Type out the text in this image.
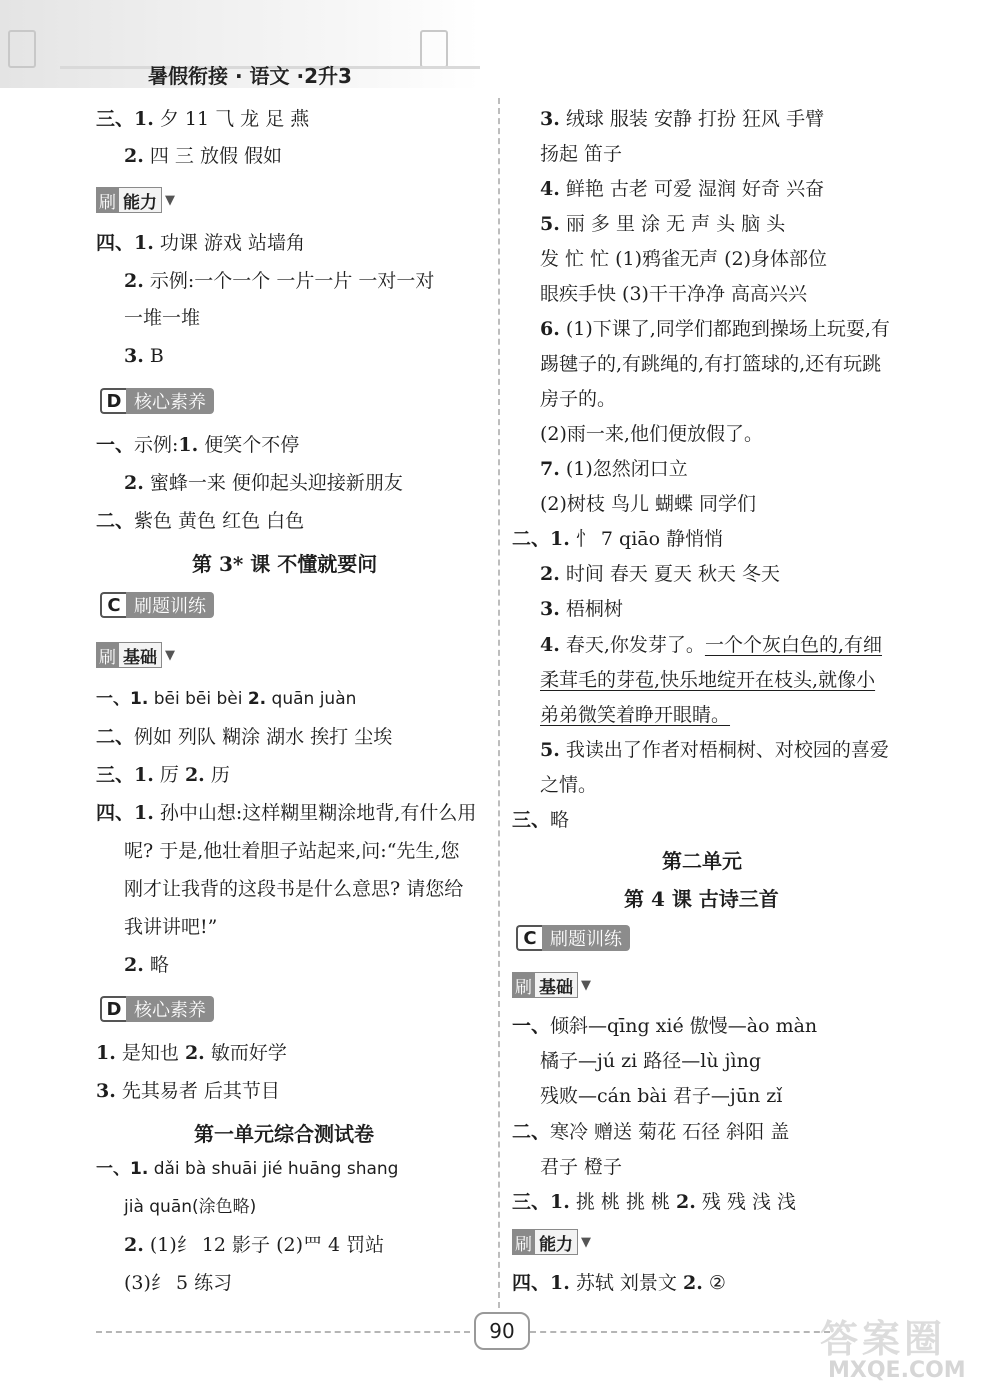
暑假衔接 · 语文 ·2升3
三、1. 夕 11 ⺄ 龙 足 燕
2. 四 三 放假 假如
刷 能力 ▼
四、1. 功课 游戏 站墙角
2. 示例:一个一个 一片一片 一对一对
一堆一堆
3. B
D 核心素养
一、示例:1. 便笑个不停
2. 蜜蜂一来 便仰起头迎接新朋友
二、紫色 黄色 红色 白色
第 3* 课 不懂就要问
C 刷题训练
刷 基础 ▼
一、1. bēi bēi bèi 2. quān juàn
二、例如 列队 糊涂 湖水 挨打 尘埃
三、1. 厉 2. 历
四、1. 孙中山想:这样糊里糊涂地背,有什么用
呢? 于是,他壮着胆子站起来,问:“先生,您
刚才让我背的这段书是什么意思? 请您给
我讲讲吧!”
2. 略
D 核心素养
1. 是知也 2. 敏而好学
3. 先其易者 后其节目
第一单元综合测试卷
一、1. dǎi bà shuāi jié huāng shang
jià quān(涂色略)
2. (1)纟 12 影子 (2)罒 4 罚站
(3)纟 5 练习
3. 绒球 服装 安静 打扮 狂风 手臂
扬起 笛子
4. 鲜艳 古老 可爱 湿润 好奇 兴奋
5. 丽 多 里 涂 无 声 头 脑 头
发 忙 忙 (1)鸦雀无声 (2)身体部位
眼疾手快 (3)干干净净 高高兴兴
6. (1)下课了,同学们都跑到操场上玩耍,有
踢毽子的,有跳绳的,有打篮球的,还有玩跳
房子的。
(2)雨一来,他们便放假了。
7. (1)忽然闭口立
(2)树枝 鸟儿 蝴蝶 同学们
二、1. 忄 7 qiāo 静悄悄
2. 时间 春天 夏天 秋天 冬天
3. 梧桐树
4. 春天,你发芽了。一个个灰白色的,有细
柔茸毛的芽苞,快乐地绽开在枝头,就像小
弟弟微笑着睁开眼睛。
5. 我读出了作者对梧桐树、对校园的喜爱
之情。
三、略
第二单元
第 4 课 古诗三首
C 刷题训练
刷 基础 ▼
一、倾斜—qīng xié 傲慢—ào màn
橘子—jú zi 路径—lù jìng
残败—cán bài 君子—jūn zǐ
二、寒冷 赠送 菊花 石径 斜阳 盖
君子 橙子
三、1. 挑 桃 挑 桃 2. 残 残 浅 浅
刷 能力 ▼
四、1. 苏轼 刘景文 2. ②
90	答案圈
MXQE.COM
